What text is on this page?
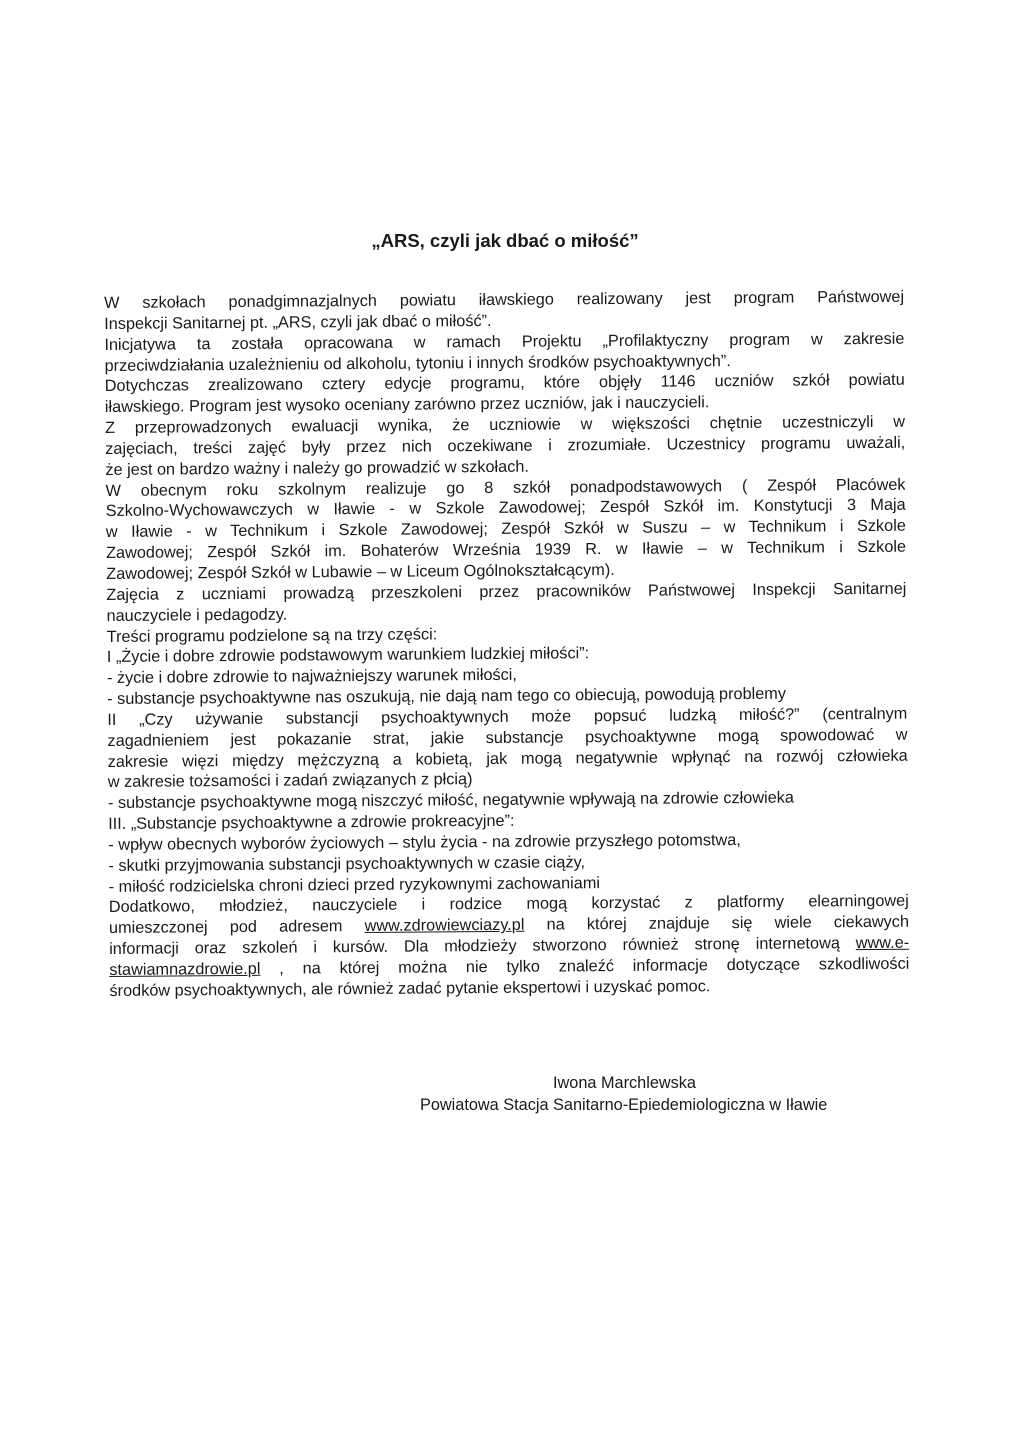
„ARS, czyli jak dbać o miłość”
W szkołach ponadgimnazjalnych powiatu iławskiego realizowany jest program Państwowej
Inspekcji Sanitarnej pt. „ARS, czyli jak dbać o miłość”.
Inicjatywa ta została opracowana w ramach Projektu „Profilaktyczny program w zakresie
przeciwdziałania uzależnieniu od alkoholu, tytoniu i innych środków psychoaktywnych”.
Dotychczas zrealizowano cztery edycje programu, które objęły 1146 uczniów szkół powiatu
iławskiego. Program jest wysoko oceniany zarówno przez uczniów, jak i nauczycieli.
Z przeprowadzonych ewaluacji wynika, że uczniowie w większości chętnie uczestniczyli w
zajęciach, treści zajęć były przez nich oczekiwane i zrozumiałe. Uczestnicy programu uważali,
że jest on bardzo ważny i należy go prowadzić w szkołach.
W obecnym roku szkolnym realizuje go 8 szkół ponadpodstawowych ( Zespół Placówek
Szkolno-Wychowawczych w Iławie - w Szkole Zawodowej; Zespół Szkół im. Konstytucji 3 Maja
w Iławie - w Technikum i Szkole Zawodowej; Zespół Szkół w Suszu – w Technikum i Szkole
Zawodowej; Zespół Szkół im. Bohaterów Września 1939 R. w Iławie – w Technikum i Szkole
Zawodowej; Zespół Szkół w Lubawie – w Liceum Ogólnokształcącym).
Zajęcia z uczniami prowadzą przeszkoleni przez pracowników Państwowej Inspekcji Sanitarnej
nauczyciele i pedagodzy.
Treści programu podzielone są na trzy części:
I „Życie i dobre zdrowie podstawowym warunkiem ludzkiej miłości”:
- życie i dobre zdrowie to najważniejszy warunek miłości,
- substancje psychoaktywne nas oszukują, nie dają nam tego co obiecują, powodują problemy
II „Czy używanie substancji psychoaktywnych może popsuć ludzką miłość?” (centralnym
zagadnieniem jest pokazanie strat, jakie substancje psychoaktywne mogą spowodować w
zakresie więzi między mężczyzną a kobietą, jak mogą negatywnie wpłynąć na rozwój człowieka
w zakresie tożsamości i zadań związanych z płcią)
- substancje psychoaktywne mogą niszczyć miłość, negatywnie wpływają na zdrowie człowieka
III. „Substancje psychoaktywne a zdrowie prokreacyjne”:
- wpływ obecnych wyborów życiowych – stylu życia - na zdrowie przyszłego potomstwa,
- skutki przyjmowania substancji psychoaktywnych w czasie ciąży,
- miłość rodzicielska chroni dzieci przed ryzykownymi zachowaniami
Dodatkowo, młodzież, nauczyciele i rodzice mogą korzystać z platformy elearningowej
umieszczonej pod adresem www.zdrowiewciazy.pl na której znajduje się wiele ciekawych
informacji oraz szkoleń i kursów. Dla młodzieży stworzono również stronę internetową www.e-
stawiamnazdrowie.pl , na której można nie tylko znaleźć informacje dotyczące szkodliwości
środków psychoaktywnych, ale również zadać pytanie ekspertowi i uzyskać pomoc.
Iwona Marchlewska
Powiatowa Stacja Sanitarno-Epiedemiologiczna w Iławie
